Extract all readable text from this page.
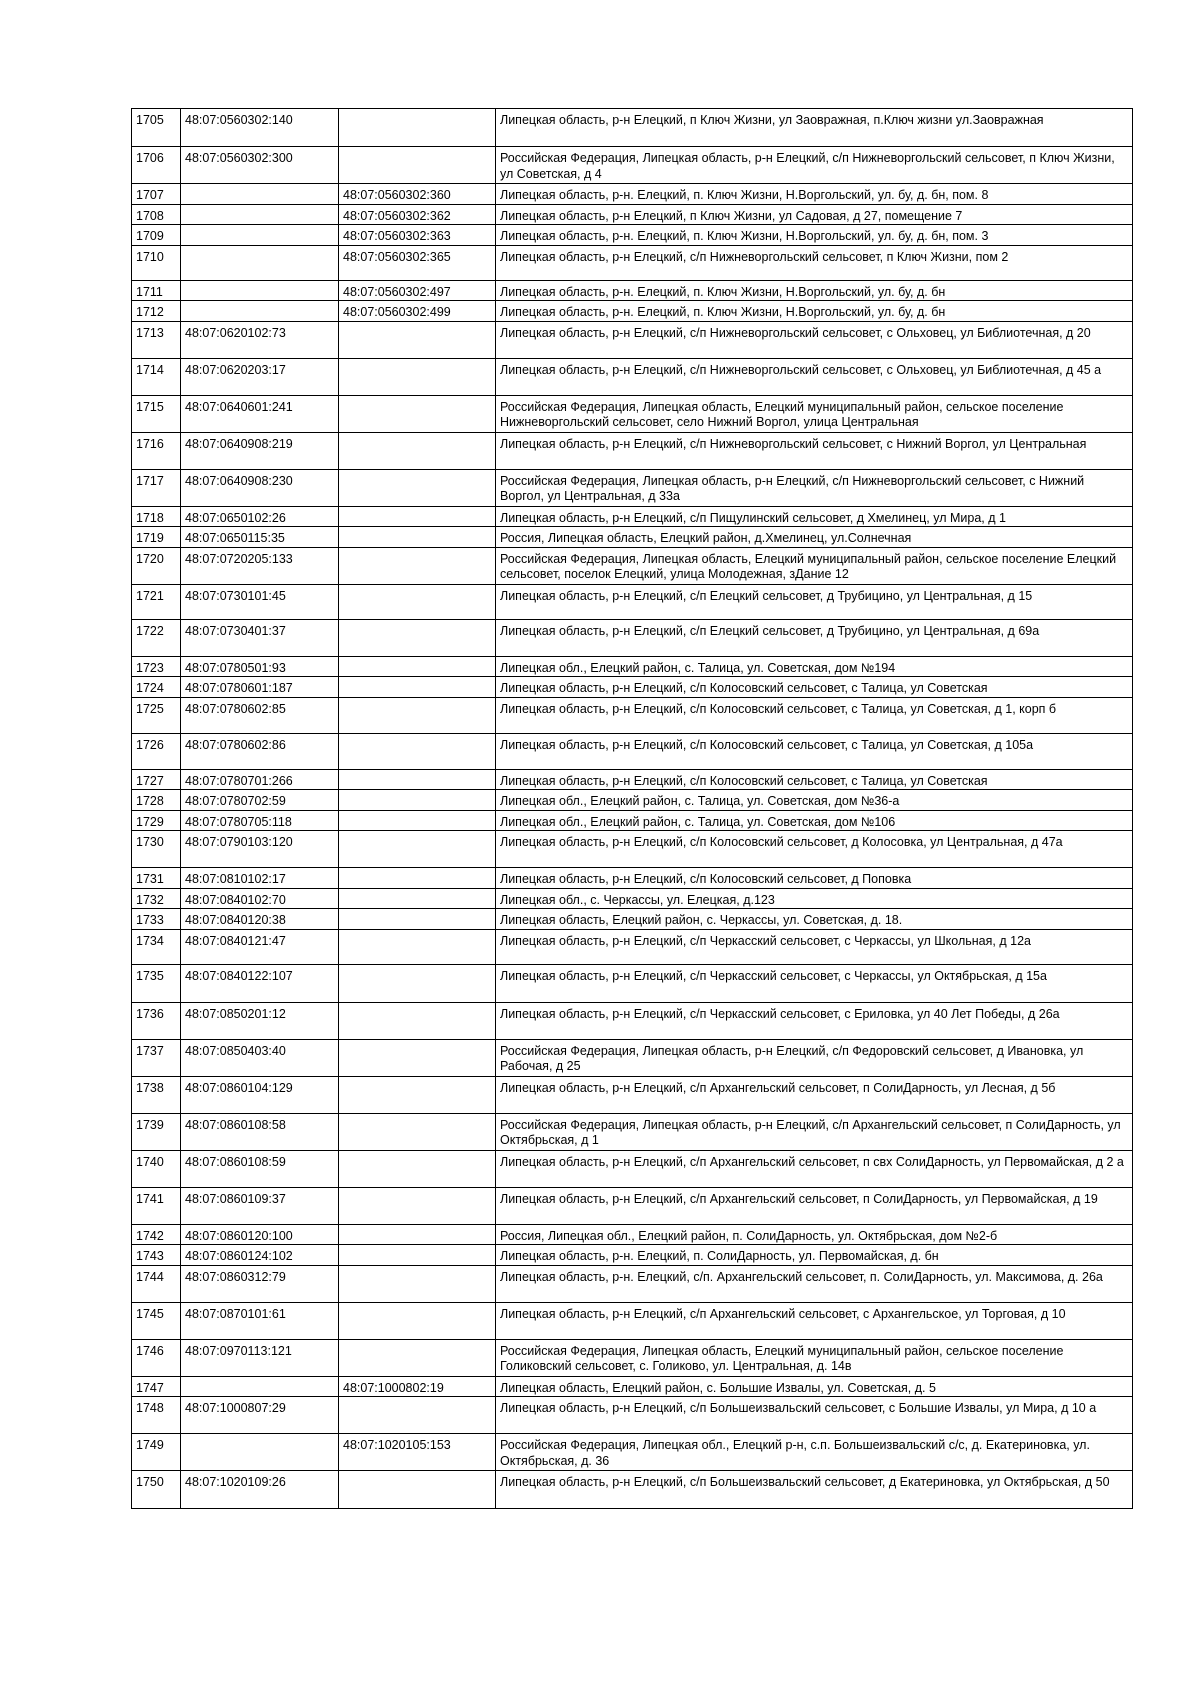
1705	48:07:0560302:140		Липецкая область, р-н Елецкий, п Ключ Жизни, ул Заовражная, п.Ключ жизни ул.Заовражная
1706	48:07:0560302:300		Российская Федерация, Липецкая область, р-н Елецкий, с/п Нижневоргольский сельсовет, п Ключ Жизни, ул Советская, д 4
1707		48:07:0560302:360	Липецкая область, р-н. Елецкий, п. Ключ Жизни, Н.Воргольский, ул. бу, д. бн, пом. 8
1708		48:07:0560302:362	Липецкая область, р-н Елецкий, п Ключ Жизни, ул Садовая, д 27, помещение 7
1709		48:07:0560302:363	Липецкая область, р-н. Елецкий, п. Ключ Жизни, Н.Воргольский, ул. бу, д. бн, пом. 3
1710		48:07:0560302:365	Липецкая область, р-н Елецкий, с/п Нижневоргольский сельсовет, п Ключ Жизни, пом 2
1711		48:07:0560302:497	Липецкая область, р-н. Елецкий, п. Ключ Жизни, Н.Воргольский, ул. бу, д. бн
1712		48:07:0560302:499	Липецкая область, р-н. Елецкий, п. Ключ Жизни, Н.Воргольский, ул. бу, д. бн
1713	48:07:0620102:73		Липецкая область, р-н Елецкий, с/п Нижневоргольский сельсовет, с Ольховец, ул Библиотечная, д 20
1714	48:07:0620203:17		Липецкая область, р-н Елецкий, с/п Нижневоргольский сельсовет, с Ольховец, ул Библиотечная, д 45 а
1715	48:07:0640601:241		Российская Федерация, Липецкая область, Елецкий муниципальный район, сельское поселение Нижневоргольский сельсовет, село Нижний Воргол, улица Центральная
1716	48:07:0640908:219		Липецкая область, р-н Елецкий, с/п Нижневоргольский сельсовет, с Нижний Воргол, ул Центральная
1717	48:07:0640908:230		Российская Федерация, Липецкая область, р-н Елецкий, с/п Нижневоргольский сельсовет, с Нижний Воргол, ул Центральная, д 33а
1718	48:07:0650102:26		Липецкая область, р-н Елецкий, с/п Пищулинский сельсовет, д Хмелинец, ул Мира, д 1
1719	48:07:0650115:35		Россия, Липецкая область, Елецкий район, д.Хмелинец, ул.Солнечная
1720	48:07:0720205:133		Российская Федерация, Липецкая область, Елецкий муниципальный район, сельское поселение Елецкий сельсовет, поселок Елецкий, улица Молодежная, зДание 12
1721	48:07:0730101:45		Липецкая область, р-н Елецкий, с/п Елецкий сельсовет, д Трубицино, ул Центральная, д 15
1722	48:07:0730401:37		Липецкая область, р-н Елецкий, с/п Елецкий сельсовет, д Трубицино, ул Центральная, д 69а
1723	48:07:0780501:93		Липецкая обл., Елецкий район, с. Талица, ул. Советская, дом №194
1724	48:07:0780601:187		Липецкая область, р-н Елецкий, с/п Колосовский сельсовет, с Талица, ул Советская
1725	48:07:0780602:85		Липецкая область, р-н Елецкий, с/п Колосовский сельсовет, с Талица, ул Советская, д 1, корп б
1726	48:07:0780602:86		Липецкая область, р-н Елецкий, с/п Колосовский сельсовет, с Талица, ул Советская, д 105а
1727	48:07:0780701:266		Липецкая область, р-н Елецкий, с/п Колосовский сельсовет, с Талица, ул Советская
1728	48:07:0780702:59		Липецкая обл., Елецкий район, с. Талица, ул. Советская, дом №36-а
1729	48:07:0780705:118		Липецкая обл., Елецкий район, с. Талица, ул. Советская, дом №106
1730	48:07:0790103:120		Липецкая область, р-н Елецкий, с/п Колосовский сельсовет, д Колосовка, ул Центральная, д 47а
1731	48:07:0810102:17		Липецкая область, р-н Елецкий, с/п Колосовский сельсовет, д Поповка
1732	48:07:0840102:70		Липецкая обл., с. Черкассы, ул. Елецкая, д.123
1733	48:07:0840120:38		Липецкая область, Елецкий район, с. Черкассы, ул. Советская, д. 18.
1734	48:07:0840121:47		Липецкая область, р-н Елецкий, с/п Черкасский сельсовет, с Черкассы, ул Школьная, д 12а
1735	48:07:0840122:107		Липецкая область, р-н Елецкий, с/п Черкасский сельсовет, с Черкассы, ул Октябрьская, д 15а
1736	48:07:0850201:12		Липецкая область, р-н Елецкий, с/п Черкасский сельсовет, с Ериловка, ул 40 Лет Победы, д 26а
1737	48:07:0850403:40		Российская Федерация, Липецкая область, р-н Елецкий, с/п Федоровский сельсовет, д Ивановка, ул Рабочая, д 25
1738	48:07:0860104:129		Липецкая область, р-н Елецкий, с/п Архангельский сельсовет, п СолиДарность, ул Лесная, д 5б
1739	48:07:0860108:58		Российская Федерация, Липецкая область, р-н Елецкий, с/п Архангельский сельсовет, п СолиДарность, ул Октябрьская, д 1
1740	48:07:0860108:59		Липецкая область, р-н Елецкий, с/п Архангельский сельсовет, п свх СолиДарность, ул Первомайская, д 2 а
1741	48:07:0860109:37		Липецкая область, р-н Елецкий, с/п Архангельский сельсовет, п СолиДарность, ул Первомайская, д 19
1742	48:07:0860120:100		Россия, Липецкая обл., Елецкий район, п. СолиДарность, ул. Октябрьская, дом №2-б
1743	48:07:0860124:102		Липецкая область, р-н. Елецкий, п. СолиДарность, ул. Первомайская, д. бн
1744	48:07:0860312:79		Липецкая область, р-н. Елецкий, с/п. Архангельский сельсовет, п. СолиДарность, ул. Максимова, д. 26а
1745	48:07:0870101:61		Липецкая область, р-н Елецкий, с/п Архангельский сельсовет, с Архангельское, ул Торговая, д 10
1746	48:07:0970113:121		Российская Федерация, Липецкая область, Елецкий муниципальный район, сельское поселение Голиковский сельсовет, с. Голиково, ул. Центральная, д. 14в
1747		48:07:1000802:19	Липецкая область, Елецкий район, с. Большие Извалы, ул. Советская, д. 5
1748	48:07:1000807:29		Липецкая область, р-н Елецкий, с/п Большеизвальский сельсовет, с Большие Извалы, ул Мира, д 10 а
1749		48:07:1020105:153	Российская Федерация, Липецкая обл., Елецкий р-н, с.п. Большеизвальский с/с, д. Екатериновка, ул. Октябрьская, д. 36
1750	48:07:1020109:26		Липецкая область, р-н Елецкий, с/п Большеизвальский сельсовет, д Екатериновка, ул Октябрьская, д 50
